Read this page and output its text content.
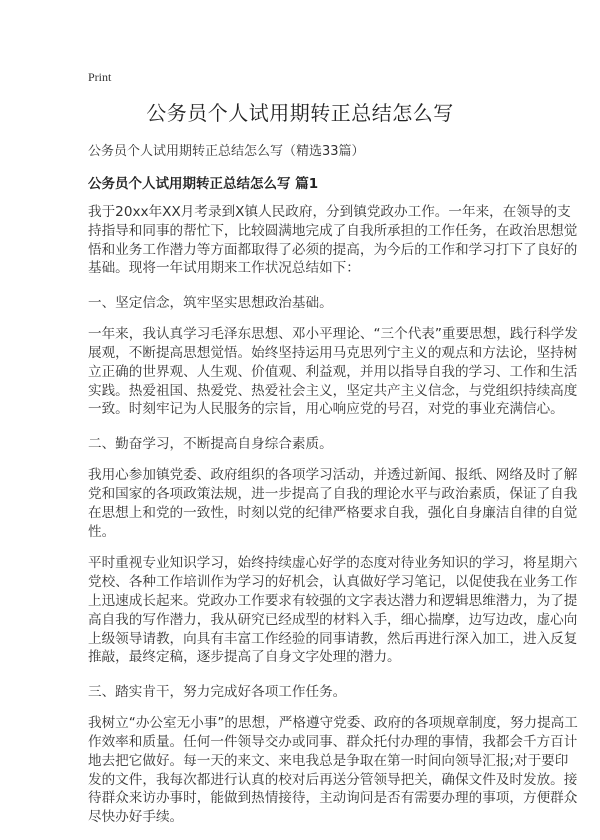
Print
公务员个人试用期转正总结怎么写
公务员个人试用期转正总结怎么写（精选33篇）
公务员个人试用期转正总结怎么写 篇1
我于20xx年XX月考录到X镇人民政府，分到镇党政办工作。一年来，在领导的支
持指导和同事的帮忙下，比较圆满地完成了自我所承担的工作任务，在政治思想觉
悟和业务工作潜力等方面都取得了必须的提高，为今后的工作和学习打下了良好的
基础。现将一年试用期来工作状况总结如下：
一、坚定信念，筑牢坚实思想政治基础。
一年来，我认真学习毛泽东思想、邓小平理论、“三个代表”重要思想，践行科学发
展观，不断提高思想觉悟。始终坚持运用马克思列宁主义的观点和方法论，坚持树
立正确的世界观、人生观、价值观、利益观，并用以指导自我的学习、工作和生活
实践。热爱祖国、热爱党、热爱社会主义，坚定共产主义信念，与党组织持续高度
一致。时刻牢记为人民服务的宗旨，用心响应党的号召，对党的事业充满信心。
二、勤奋学习，不断提高自身综合素质。
我用心参加镇党委、政府组织的各项学习活动，并透过新闻、报纸、网络及时了解
党和国家的各项政策法规，进一步提高了自我的理论水平与政治素质，保证了自我
在思想上和党的一致性，时刻以党的纪律严格要求自我，强化自身廉洁自律的自觉
性。
平时重视专业知识学习，始终持续虚心好学的态度对待业务知识的学习，将星期六
党校、各种工作培训作为学习的好机会，认真做好学习笔记，以促使我在业务工作
上迅速成长起来。党政办工作要求有较强的文字表达潜力和逻辑思维潜力，为了提
高自我的写作潜力，我从研究已经成型的材料入手，细心揣摩，边写边改，虚心向
上级领导请教，向具有丰富工作经验的同事请教，然后再进行深入加工，进入反复
推敲，最终定稿，逐步提高了自身文字处理的潜力。
三、踏实肯干，努力完成好各项工作任务。
我树立“办公室无小事”的思想，严格遵守党委、政府的各项规章制度，努力提高工
作效率和质量。任何一件领导交办或同事、群众托付办理的事情，我都会千方百计
地去把它做好。每一天的来文、来电我总是争取在第一时间向领导汇报;对于要印
发的文件，我每次都进行认真的校对后再送分管领导把关，确保文件及时发放。接
待群众来访办事时，能做到热情接待，主动询问是否有需要办理的事项，方便群众
尽快办好手续。
